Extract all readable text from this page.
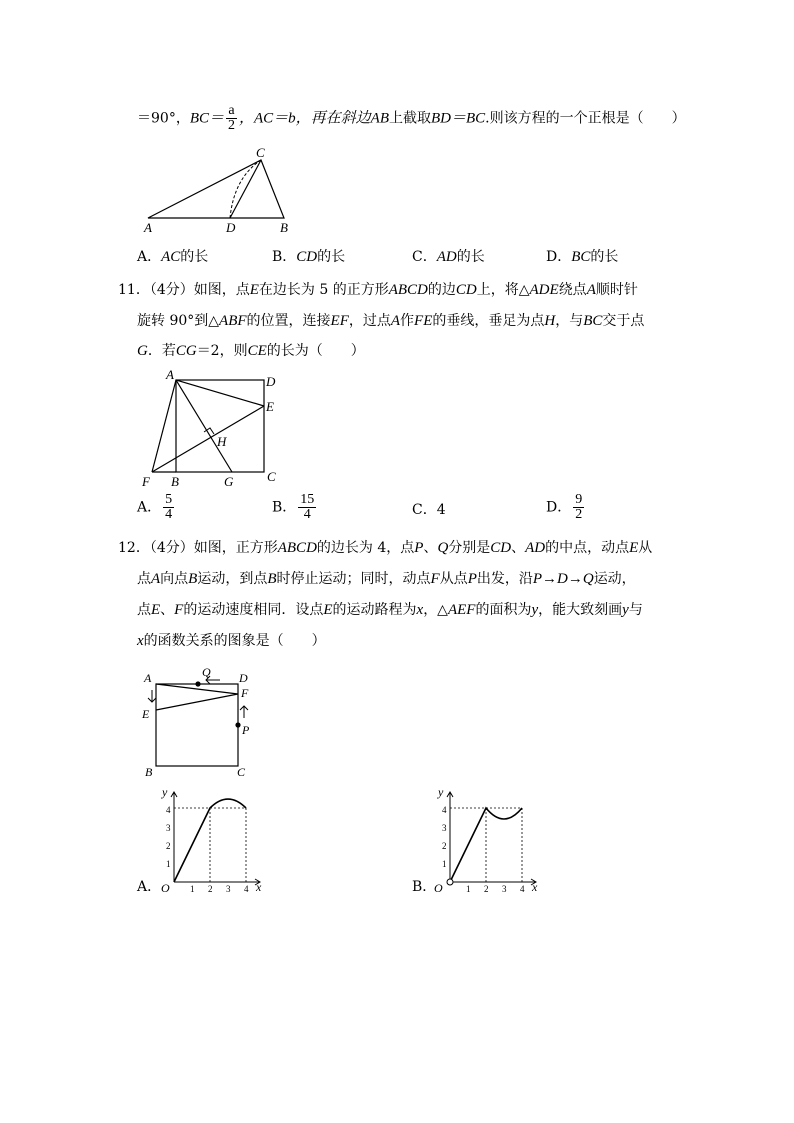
＝90°，$BC= \frac{a}{2}$ ，AC＝b，再在斜边AB上截取BD＝BC.则该方程的一个正根是（　　）
C
A	D	B
A．AC的长	B．CD的长	C．AD的长	D．BC的长
11．（4分）如图，点E在边长为 5 的正方形ABCD的边CD上，将△ADE绕点A顺时针
旋转 90°到△ABF的位置，连接EF，过点A作FE的垂线，垂足为点H，与BC交于点
G．若CG＝2，则CE的长为（　　）
A	D
E
H
C
F B	G
A． $\frac{5}{4}$	B． $\frac{15}{4}$	C．4	D． $\frac{9}{2}$
12．（4分）如图，正方形ABCD的边长为 4，点P、Q分别是CD、AD的中点，动点E从
点A向点B运动，到点B时停止运动；同时，动点F从点P出发，沿P→D→Q运动，
点E、F的运动速度相同．设点E的运动路程为x，△AEF的面积为y，能大致刻画y与
x的函数关系的图象是（　　）
A	Q D
F
E
P
B	C
A．	1 2 3 4
1
2
3
4
O	x
y
B．	1 2 3 4
1
2
3
4
O	x
y
